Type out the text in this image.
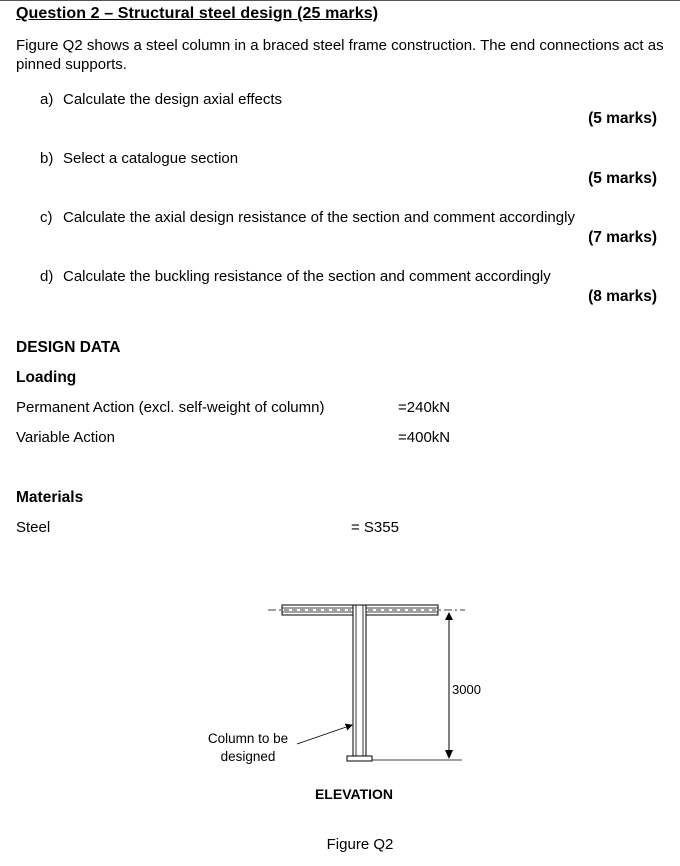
Question 2 – Structural steel design (25 marks)
Figure Q2 shows a steel column in a braced steel frame construction. The end connections act as pinned supports.
a) Calculate the design axial effects
(5 marks)
b) Select a catalogue section
(5 marks)
c) Calculate the axial design resistance of the section and comment accordingly
(7 marks)
d) Calculate the buckling resistance of the section and comment accordingly
(8 marks)
DESIGN DATA
Loading
Permanent Action (excl. self-weight of column)	=240kN
Variable Action	=400kN
Materials
Steel	= S355
3000
Column to be
designed
ELEVATION
Figure Q2
